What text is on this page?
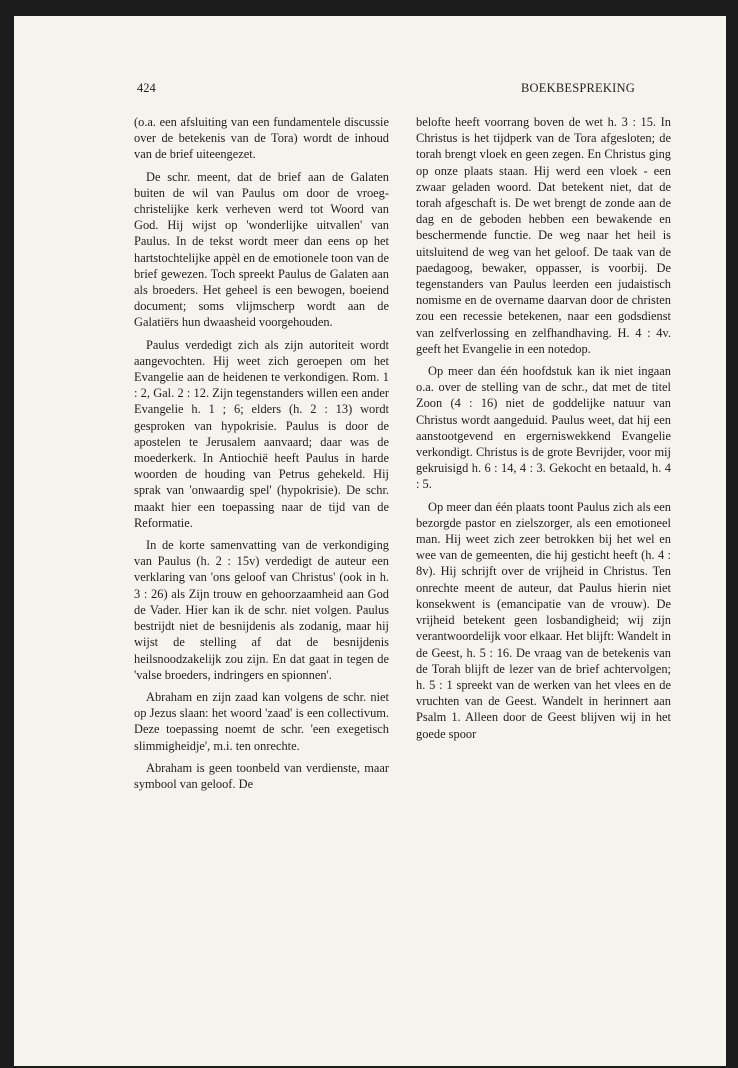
424	BOEKBESPREKING

(o.a. een afsluiting van een fundamentele discussie over de betekenis van de Tora) wordt de inhoud van de brief uiteengezet.

De schr. meent, dat de brief aan de Galaten buiten de wil van Paulus om door de vroeg-christelijke kerk verheven werd tot Woord van God. Hij wijst op 'wonderlijke uitvallen' van Paulus. In de tekst wordt meer dan eens op het hartstochtelijke appèl en de emotionele toon van de brief gewezen. Toch spreekt Paulus de Galaten aan als broeders. Het geheel is een bewogen, boeiend document; soms vlijmscherp wordt aan de Galatiërs hun dwaasheid voorgehouden.

Paulus verdedigt zich als zijn autoriteit wordt aangevochten. Hij weet zich geroepen om het Evangelie aan de heidenen te verkondigen. Rom. 1 : 2, Gal. 2 : 12. Zijn tegenstanders willen een ander Evangelie h. 1 ; 6; elders (h. 2 : 13) wordt gesproken van hypokrisie. Paulus is door de apostelen te Jerusalem aanvaard; daar was de moederkerk. In Antiochië heeft Paulus in harde woorden de houding van Petrus gehekeld. Hij sprak van 'onwaardig spel' (hypokrisie). De schr. maakt hier een toepassing naar de tijd van de Reformatie.

In de korte samenvatting van de verkondiging van Paulus (h. 2 : 15v) verdedigt de auteur een verklaring van 'ons geloof van Christus' (ook in h. 3 : 26) als Zijn trouw en gehoorzaamheid aan God de Vader. Hier kan ik de schr. niet volgen. Paulus bestrijdt niet de besnijdenis als zodanig, maar hij wijst de stelling af dat de besnijdenis heilsnoodzakelijk zou zijn. En dat gaat in tegen de 'valse broeders, indringers en spionnen'.

Abraham en zijn zaad kan volgens de schr. niet op Jezus slaan: het woord 'zaad' is een collectivum. Deze toepassing noemt de schr. 'een exegetisch slimmigheidje', m.i. ten onrechte.

Abraham is geen toonbeld van verdienste, maar symbool van geloof. De

belofte heeft voorrang boven de wet h. 3 : 15. In Christus is het tijdperk van de Tora afgesloten; de torah brengt vloek en geen zegen. En Christus ging op onze plaats staan. Hij werd een vloek - een zwaar geladen woord. Dat betekent niet, dat de torah afgeschaft is. De wet brengt de zonde aan de dag en de geboden hebben een bewakende en beschermende functie. De weg naar het heil is uitsluitend de weg van het geloof. De taak van de paedagoog, bewaker, oppasser, is voorbij. De tegenstanders van Paulus leerden een judaistisch nomisme en de overname daarvan door de christen zou een recessie betekenen, naar een godsdienst van zelfverlossing en zelfhandhaving. H. 4 : 4v. geeft het Evangelie in een notedop.

Op meer dan één hoofdstuk kan ik niet ingaan o.a. over de stelling van de schr., dat met de titel Zoon (4 : 16) niet de goddelijke natuur van Christus wordt aangeduid. Paulus weet, dat hij een aanstootgevend en ergerniswekkend Evangelie verkondigt. Christus is de grote Bevrijder, voor mij gekruisigd h. 6 : 14, 4 : 3. Gekocht en betaald, h. 4 : 5.

Op meer dan één plaats toont Paulus zich als een bezorgde pastor en zielszorger, als een emotioneel man. Hij weet zich zeer betrokken bij het wel en wee van de gemeenten, die hij gesticht heeft (h. 4 : 8v). Hij schrijft over de vrijheid in Christus. Ten onrechte meent de auteur, dat Paulus hierin niet konsekwent is (emancipatie van de vrouw). De vrijheid betekent geen losbandigheid; wij zijn verantwoordelijk voor elkaar. Het blijft: Wandelt in de Geest, h. 5 : 16. De vraag van de betekenis van de Torah blijft de lezer van de brief achtervolgen; h. 5 : 1 spreekt van de werken van het vlees en de vruchten van de Geest. Wandelt in herinnert aan Psalm 1. Alleen door de Geest blijven wij in het goede spoor
